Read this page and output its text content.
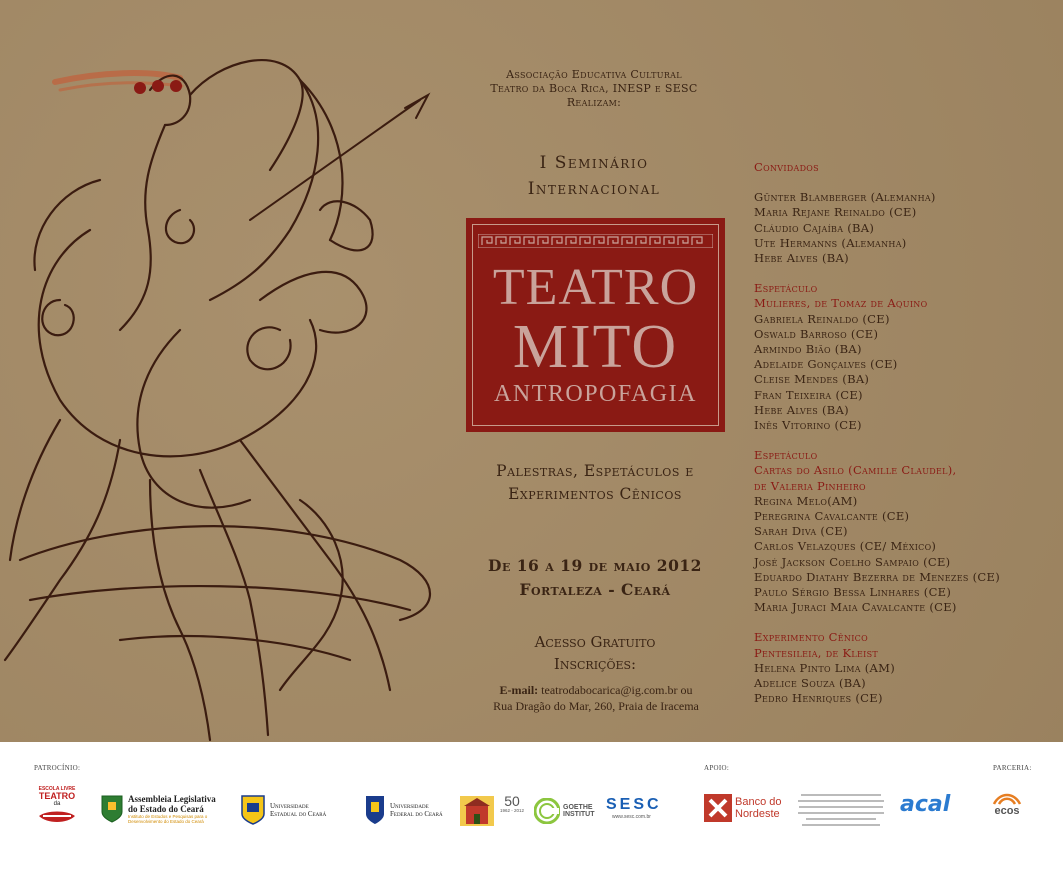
Associação Educativa Cultural
Teatro da Boca Rica, INESP e SESC
Realizam:
I Seminário
Internacional
TEATRO
MITO
ANTROPOFAGIA
Palestras, Espetáculos e
Experimentos Cênicos
De 16 a 19 de maio 2012
Fortaleza - Ceará
Acesso Gratuito
Inscrições:
E-mail: teatrodabocarica@ig.com.br ou
Rua Dragão do Mar, 260, Praia de Iracema
Convidados
Günter Blamberger (Alemanha)
Maria Rejane Reinaldo (CE)
Cláudio Cajaíba (BA)
Ute Hermanns (Alemanha)
Hebe Alves (BA)
Espetáculo
Mulieres, de Tomaz de Aquino
Gabriela Reinaldo (CE)
Oswald Barroso (CE)
Armindo Bião (BA)
Adelaide Gonçalves (CE)
Cleise Mendes (BA)
Fran Teixeira (CE)
Hebe Alves (BA)
Inês Vitorino (CE)
Espetáculo
Cartas do Asilo (Camille Claudel),
de Valeria Pinheiro
Regina Melo(AM)
Peregrina Cavalcante (CE)
Sarah Diva (CE)
Carlos Velazques (CE/ México)
José Jackson Coelho Sampaio (CE)
Eduardo Diatahy Bezerra de Menezes (CE)
Paulo Sérgio Bessa Linhares (CE)
Maria Juraci Maia Cavalcante (CE)
Experimento Cênico
Pentesileia, de Kleist
Helena Pinto Lima (AM)
Adelice Souza (BA)
Pedro Henriques (CE)
PATROCÍNIO:	APOIO:	PARCERIA:
ESCOLA LIVRE
TEATRO
da	Assembleia Legislativa
do Estado do Ceará
Instituto de Estudos e Pesquisas para o
Desenvolvimento do Estado do Ceará
Universidade
Estadual do Ceará
Universidade
Federal do Ceará
50
1962 - 2012	GOETHE
INSTITUT
SESC
www.sesc.com.br
Banco do
Nordeste	acal	ecos
